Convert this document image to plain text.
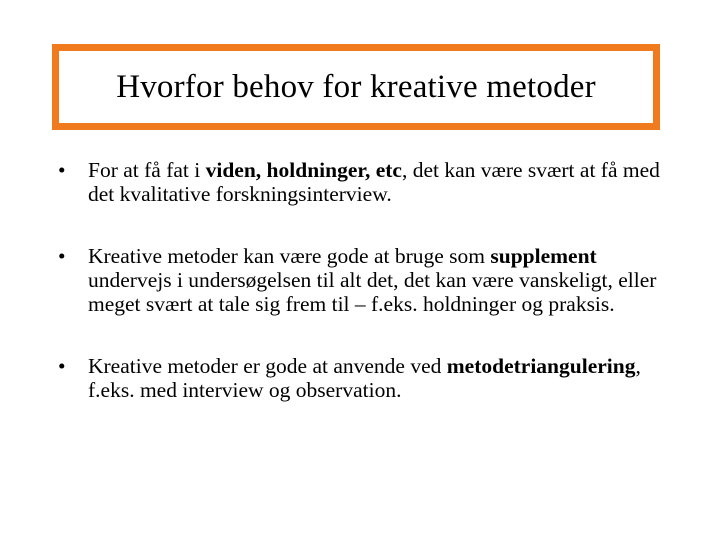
Hvorfor behov for kreative metoder
• For at få fat i viden, holdninger, etc, det kan være svært at få med det kvalitative forskningsinterview.
• Kreative metoder kan være gode at bruge som supplement undervejs i undersøgelsen til alt det, det kan være vanskeligt, eller meget svært at tale sig frem til – f.eks. holdninger og praksis.
• Kreative metoder er gode at anvende ved metodetriangulering, f.eks. med interview og observation.
